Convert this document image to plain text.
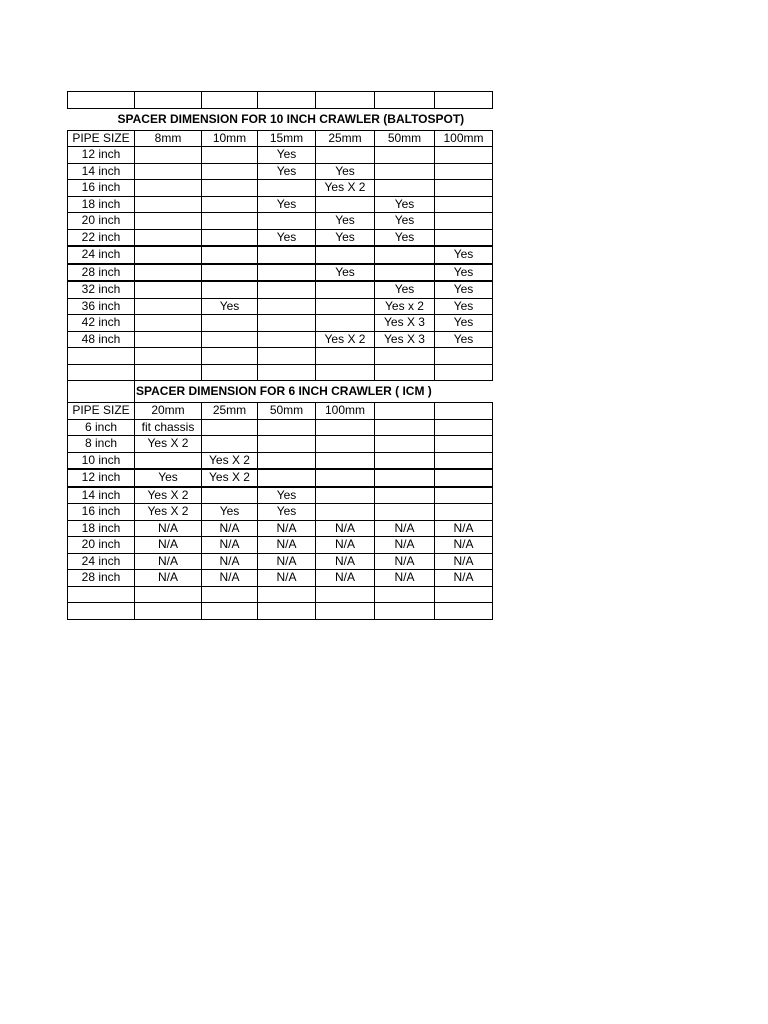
SPACER DIMENSION FOR 10 INCH CRAWLER (BALTOSPOT)						
PIPE SIZE	8mm	10mm	15mm	25mm	50mm	100mm
12 inch			Yes			
14 inch			Yes	Yes		
16 inch				Yes X 2		
18 inch			Yes		Yes	
20 inch				Yes	Yes	
22 inch			Yes	Yes	Yes	
24 inch						Yes
28 inch				Yes		Yes
32 inch					Yes	Yes
36 inch		Yes			Yes x 2	Yes
42 inch					Yes X 3	Yes
48 inch				Yes X 2	Yes X 3	Yes

	SPACER DIMENSION FOR 6 INCH CRAWLER ( ICM )					
PIPE SIZE	20mm	25mm	50mm	100mm		
6 inch	fit chassis					
8 inch	Yes X 2					
10 inch		Yes X 2				
12 inch	Yes	Yes X 2				
14 inch	Yes X 2		Yes			
16 inch	Yes X 2	Yes	Yes			
18 inch	N/A	N/A	N/A	N/A	N/A	N/A
20 inch	N/A	N/A	N/A	N/A	N/A	N/A
24 inch	N/A	N/A	N/A	N/A	N/A	N/A
28 inch	N/A	N/A	N/A	N/A	N/A	N/A
